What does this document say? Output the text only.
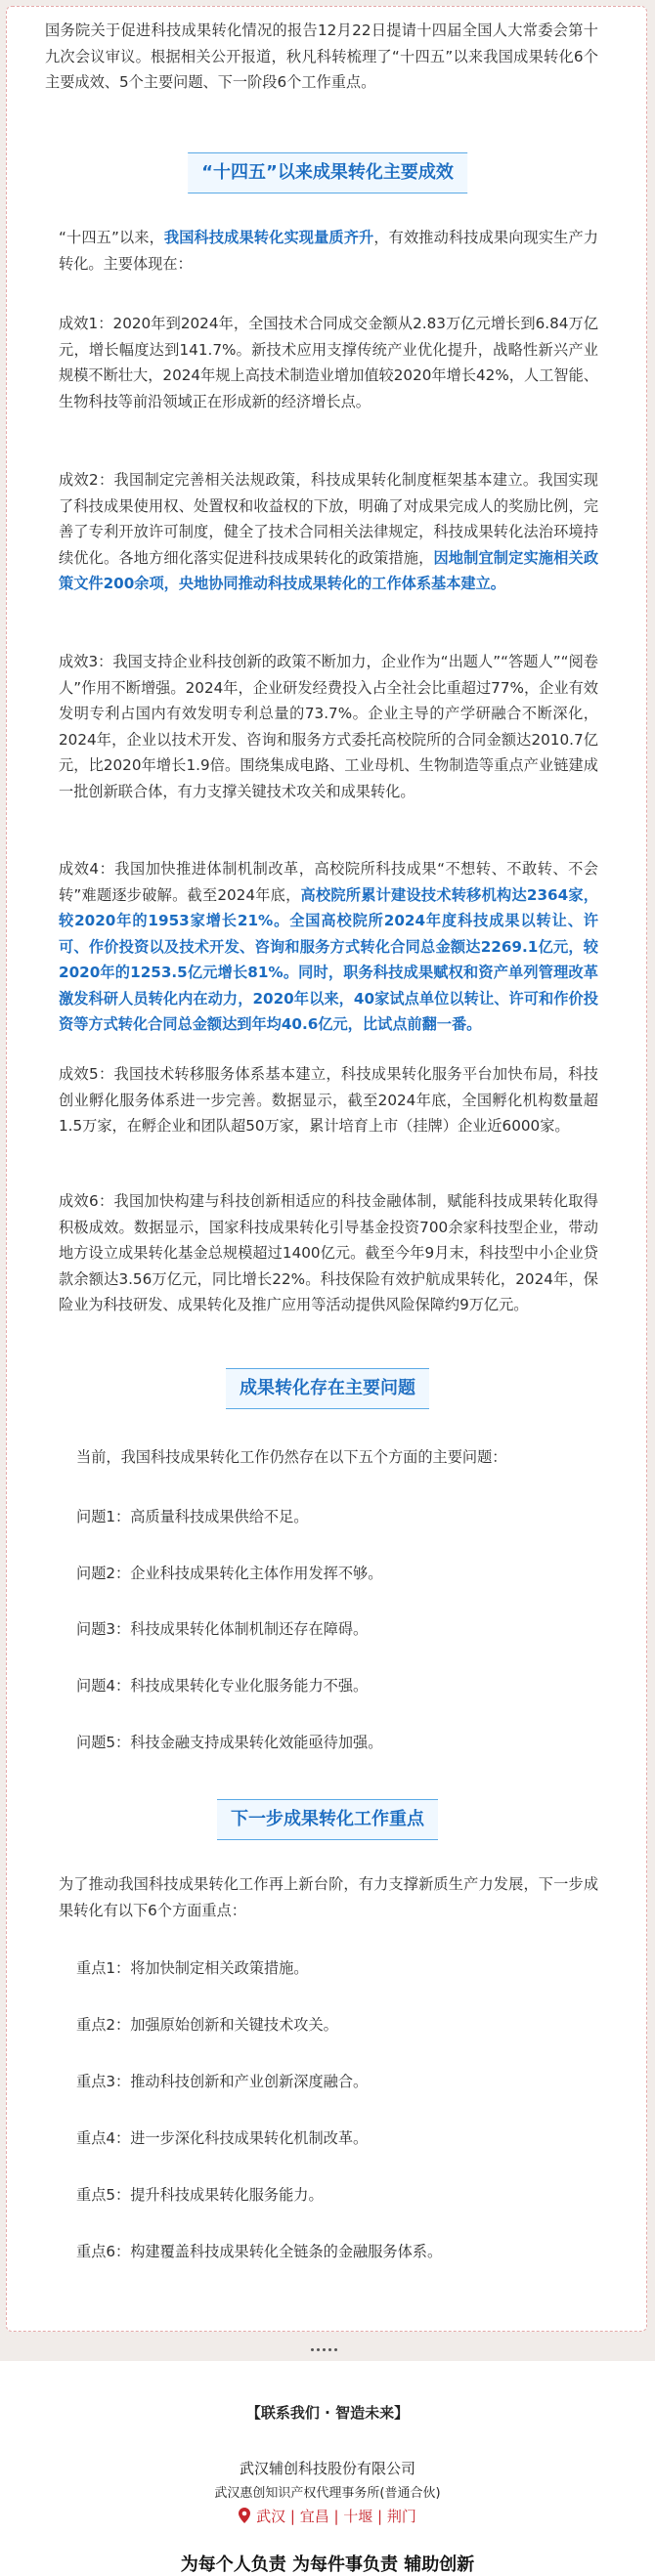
国务院关于促进科技成果转化情况的报告12月22日提请十四届全国人大常委会第十九次会议审议。根据相关公开报道，秋凡科转梳理了“十四五”以来我国成果转化6个主要成效、5个主要问题、下一阶段6个工作重点。

“十四五”以来成果转化主要成效

“十四五”以来，我国科技成果转化实现量质齐升，有效推动科技成果向现实生产力转化。主要体现在：

成效1：2020年到2024年，全国技术合同成交金额从2.83万亿元增长到6.84万亿元，增长幅度达到141.7%。新技术应用支撑传统产业优化提升，战略性新兴产业规模不断壮大，2024年规上高技术制造业增加值较2020年增长42%，人工智能、生物科技等前沿领域正在形成新的经济增长点。

成效2：我国制定完善相关法规政策，科技成果转化制度框架基本建立。我国实现了科技成果使用权、处置权和收益权的下放，明确了对成果完成人的奖励比例，完善了专利开放许可制度，健全了技术合同相关法律规定，科技成果转化法治环境持续优化。各地方细化落实促进科技成果转化的政策措施，因地制宜制定实施相关政策文件200余项，央地协同推动科技成果转化的工作体系基本建立。

成效3：我国支持企业科技创新的政策不断加力，企业作为“出题人”“答题人”“阅卷人”作用不断增强。2024年，企业研发经费投入占全社会比重超过77%，企业有效发明专利占国内有效发明专利总量的73.7%。企业主导的产学研融合不断深化，2024年，企业以技术开发、咨询和服务方式委托高校院所的合同金额达2010.7亿元，比2020年增长1.9倍。围绕集成电路、工业母机、生物制造等重点产业链建成一批创新联合体，有力支撑关键技术攻关和成果转化。

成效4：我国加快推进体制机制改革，高校院所科技成果“不想转、不敢转、不会转”难题逐步破解。截至2024年底，高校院所累计建设技术转移机构达2364家，较2020年的1953家增长21%。全国高校院所2024年度科技成果以转让、许可、作价投资以及技术开发、咨询和服务方式转化合同总金额达2269.1亿元，较2020年的1253.5亿元增长81%。同时，职务科技成果赋权和资产单列管理改革激发科研人员转化内在动力，2020年以来，40家试点单位以转让、许可和作价投资等方式转化合同总金额达到年均40.6亿元，比试点前翻一番。

成效5：我国技术转移服务体系基本建立，科技成果转化服务平台加快布局，科技创业孵化服务体系进一步完善。数据显示，截至2024年底，全国孵化机构数量超1.5万家，在孵企业和团队超50万家，累计培育上市（挂牌）企业近6000家。

成效6：我国加快构建与科技创新相适应的科技金融体制，赋能科技成果转化取得积极成效。数据显示，国家科技成果转化引导基金投资700余家科技型企业，带动地方设立成果转化基金总规模超过1400亿元。截至今年9月末，科技型中小企业贷款余额达3.56万亿元，同比增长22%。科技保险有效护航成果转化，2024年，保险业为科技研发、成果转化及推广应用等活动提供风险保障约9万亿元。

成果转化存在主要问题

当前，我国科技成果转化工作仍然存在以下五个方面的主要问题：

问题1：高质量科技成果供给不足。
问题2：企业科技成果转化主体作用发挥不够。
问题3：科技成果转化体制机制还存在障碍。
问题4：科技成果转化专业化服务能力不强。
问题5：科技金融支持成果转化效能亟待加强。
下一步成果转化工作重点

为了推动我国科技成果转化工作再上新台阶，有力支撑新质生产力发展，下一步成果转化有以下6个方面重点：

重点1：将加快制定相关政策措施。
重点2：加强原始创新和关键技术攻关。
重点3：推动科技创新和产业创新深度融合。
重点4：进一步深化科技成果转化机制改革。
重点5：提升科技成果转化服务能力。
重点6：构建覆盖科技成果转化全链条的金融服务体系。
【联系我们 · 智造未来】
武汉辅创科技股份有限公司
武汉惠创知识产权代理事务所(普通合伙)
武汉 | 宜昌 | 十堰 | 荆门
为每个人负责 为每件事负责 辅助创新
